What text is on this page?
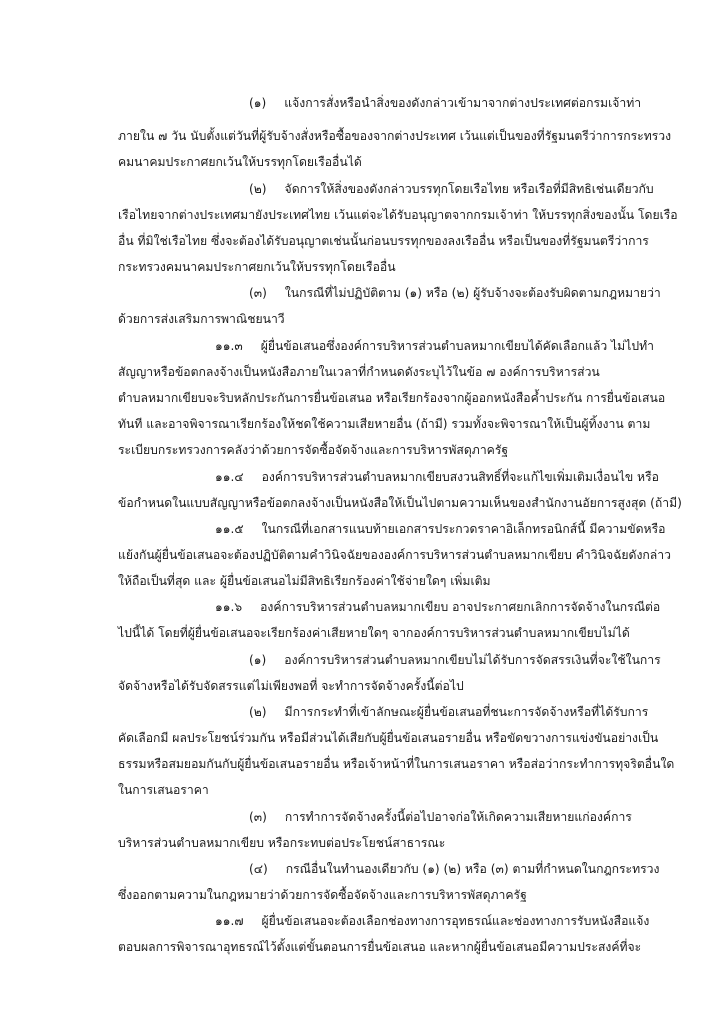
(๑) แจ้งการสั่งหรือนำสิ่งของดังกล่าวเข้ามาจากต่างประเทศต่อกรมเจ้าท่า
ภายใน ๗ วัน นับตั้งแต่วันที่ผู้รับจ้างสั่งหรือซื้อของจากต่างประเทศ เว้นแต่เป็นของที่รัฐมนตรีว่าการกระทรวง
คมนาคมประกาศยกเว้นให้บรรทุกโดยเรืออื่นได้
(๒) จัดการให้สิ่งของดังกล่าวบรรทุกโดยเรือไทย หรือเรือที่มีสิทธิเช่นเดียวกับ
เรือไทยจากต่างประเทศมายังประเทศไทย เว้นแต่จะได้รับอนุญาตจากกรมเจ้าท่า ให้บรรทุกสิ่งของนั้น โดยเรือ
อื่น ที่มิใช่เรือไทย ซึ่งจะต้องได้รับอนุญาตเช่นนั้นก่อนบรรทุกของลงเรืออื่น หรือเป็นของที่รัฐมนตรีว่าการ
กระทรวงคมนาคมประกาศยกเว้นให้บรรทุกโดยเรืออื่น
(๓) ในกรณีที่ไม่ปฏิบัติตาม (๑) หรือ (๒) ผู้รับจ้างจะต้องรับผิดตามกฎหมายว่า
ด้วยการส่งเสริมการพาณิชยนาวี
๑๑.๓ ผู้ยื่นข้อเสนอซึ่งองค์การบริหารส่วนตำบลหมากเขียบได้คัดเลือกแล้ว ไม่ไปทำ
สัญญาหรือข้อตกลงจ้างเป็นหนังสือภายในเวลาที่กำหนดดังระบุไว้ในข้อ ๗ องค์การบริหารส่วน
ตำบลหมากเขียบจะริบหลักประกันการยื่นข้อเสนอ หรือเรียกร้องจากผู้ออกหนังสือค้ำประกัน การยื่นข้อเสนอ
ทันที และอาจพิจารณาเรียกร้องให้ชดใช้ความเสียหายอื่น (ถ้ามี) รวมทั้งจะพิจารณาให้เป็นผู้ทิ้งงาน ตาม
ระเบียบกระทรวงการคลังว่าด้วยการจัดซื้อจัดจ้างและการบริหารพัสดุภาครัฐ
๑๑.๔ องค์การบริหารส่วนตำบลหมากเขียบสงวนสิทธิ์ที่จะแก้ไขเพิ่มเติมเงื่อนไข หรือ
ข้อกำหนดในแบบสัญญาหรือข้อตกลงจ้างเป็นหนังสือให้เป็นไปตามความเห็นของสำนักงานอัยการสูงสุด (ถ้ามี)
๑๑.๕ ในกรณีที่เอกสารแนบท้ายเอกสารประกวดราคาอิเล็กทรอนิกส์นี้ มีความขัดหรือ
แย้งกันผู้ยื่นข้อเสนอจะต้องปฏิบัติตามคำวินิจฉัยขององค์การบริหารส่วนตำบลหมากเขียบ คำวินิจฉัยดังกล่าว
ให้ถือเป็นที่สุด และ ผู้ยื่นข้อเสนอไม่มีสิทธิเรียกร้องค่าใช้จ่ายใดๆ เพิ่มเติม
๑๑.๖ องค์การบริหารส่วนตำบลหมากเขียบ อาจประกาศยกเลิกการจัดจ้างในกรณีต่อ
ไปนี้ได้ โดยที่ผู้ยื่นข้อเสนอจะเรียกร้องค่าเสียหายใดๆ จากองค์การบริหารส่วนตำบลหมากเขียบไม่ได้
(๑) องค์การบริหารส่วนตำบลหมากเขียบไม่ได้รับการจัดสรรเงินที่จะใช้ในการ
จัดจ้างหรือได้รับจัดสรรแต่ไม่เพียงพอที่ จะทำการจัดจ้างครั้งนี้ต่อไป
(๒) มีการกระทำที่เข้าลักษณะผู้ยื่นข้อเสนอที่ชนะการจัดจ้างหรือที่ได้รับการ
คัดเลือกมี ผลประโยชน์ร่วมกัน หรือมีส่วนได้เสียกับผู้ยื่นข้อเสนอรายอื่น หรือขัดขวางการแข่งขันอย่างเป็น
ธรรมหรือสมยอมกันกับผู้ยื่นข้อเสนอรายอื่น หรือเจ้าหน้าที่ในการเสนอราคา หรือส่อว่ากระทำการทุจริตอื่นใด
ในการเสนอราคา
(๓) การทำการจัดจ้างครั้งนี้ต่อไปอาจก่อให้เกิดความเสียหายแก่องค์การ
บริหารส่วนตำบลหมากเขียบ หรือกระทบต่อประโยชน์สาธารณะ
(๔) กรณีอื่นในทำนองเดียวกับ (๑) (๒) หรือ (๓) ตามที่กำหนดในกฎกระทรวง
ซึ่งออกตามความในกฎหมายว่าด้วยการจัดซื้อจัดจ้างและการบริหารพัสดุภาครัฐ
๑๑.๗ ผู้ยื่นข้อเสนอจะต้องเลือกช่องทางการอุทธรณ์และช่องทางการรับหนังสือแจ้ง
ตอบผลการพิจารณาอุทธรณ์ไว้ตั้งแต่ขั้นตอนการยื่นข้อเสนอ และหากผู้ยื่นข้อเสนอมีความประสงค์ที่จะ
